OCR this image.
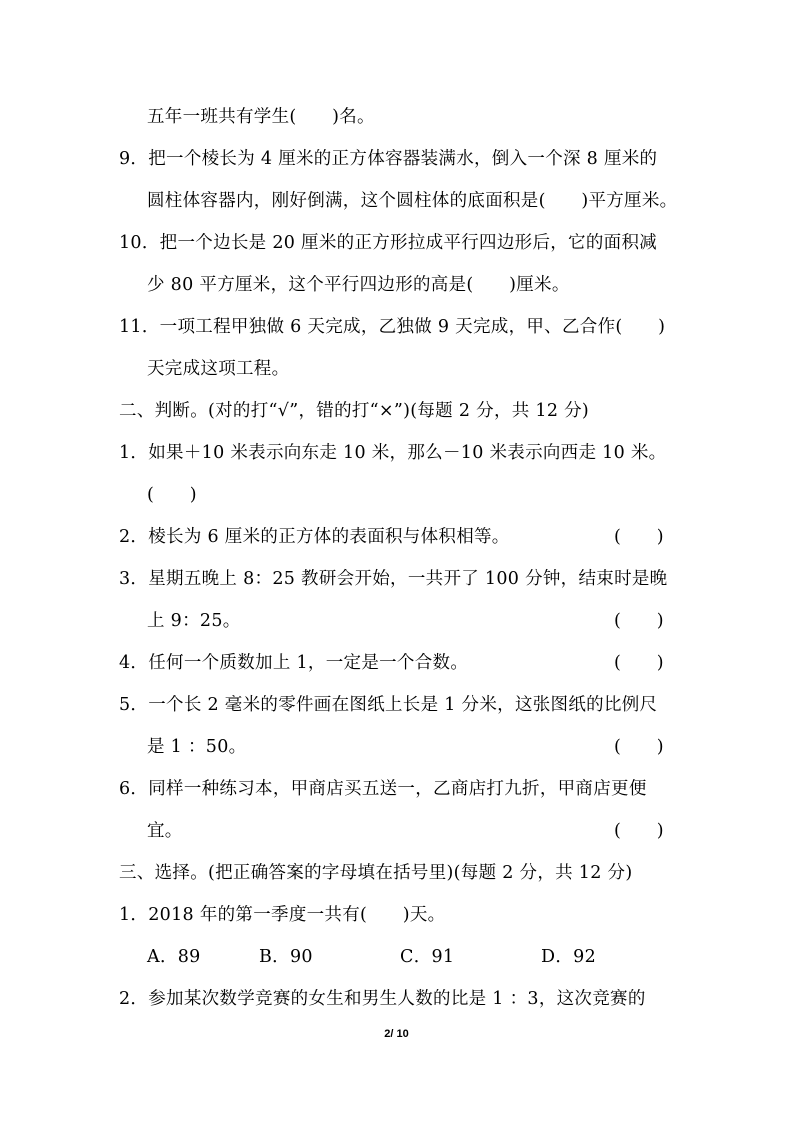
五年一班共有学生(　　)名。
9．把一个棱长为 4 厘米的正方体容器装满水，倒入一个深 8 厘米的
圆柱体容器内，刚好倒满，这个圆柱体的底面积是(　　)平方厘米。
10．把一个边长是 20 厘米的正方形拉成平行四边形后，它的面积减
少 80 平方厘米，这个平行四边形的高是(　　)厘米。
11．一项工程甲独做 6 天完成，乙独做 9 天完成，甲、乙合作(　　)
天完成这项工程。
二、判断。(对的打“√”，错的打“×”)(每题 2 分，共 12 分)
1．如果＋10 米表示向东走 10 米，那么－10 米表示向西走 10 米。
(　　)
2．棱长为 6 厘米的正方体的表面积与体积相等。	(　　)
3．星期五晚上 8：25 教研会开始，一共开了 100 分钟，结束时是晚
上 9：25。	(　　)
4．任何一个质数加上 1，一定是一个合数。	(　　)
5．一个长 2 毫米的零件画在图纸上长是 1 分米，这张图纸的比例尺
是 1 ：50。	(　　)
6．同样一种练习本，甲商店买五送一，乙商店打九折，甲商店更便
宜。	(　　)
三、选择。(把正确答案的字母填在括号里)(每题 2 分，共 12 分)
1．2018 年的第一季度一共有(　　)天。
A．89	B．90	C．91	D．92
2．参加某次数学竞赛的女生和男生人数的比是 1 ：3，这次竞赛的
2/ 10
